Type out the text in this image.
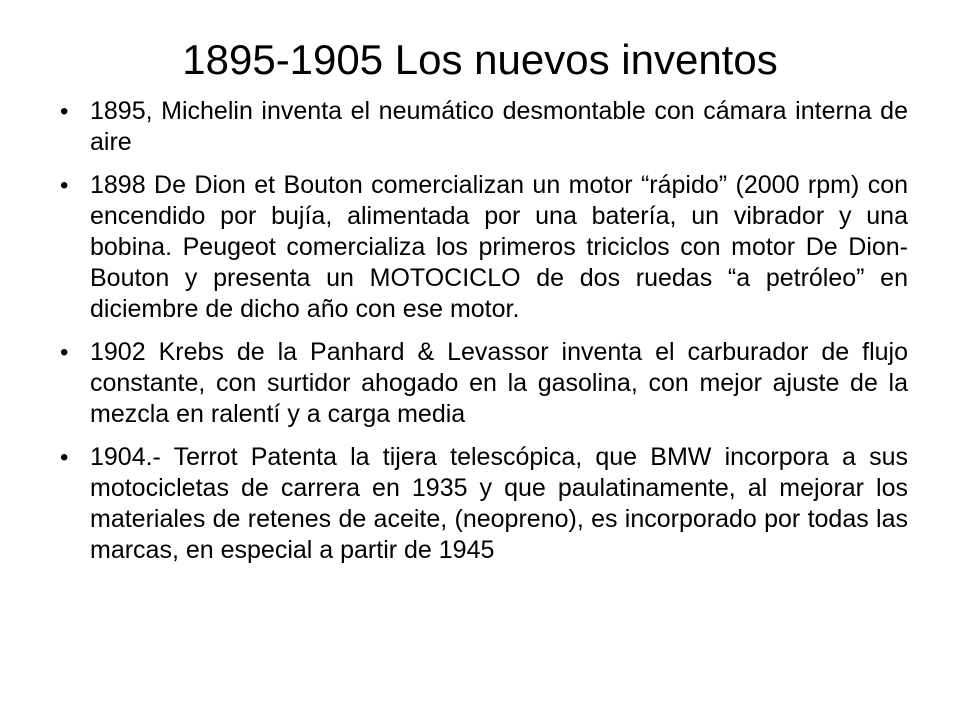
1895-1905 Los nuevos inventos
• 1895, Michelin inventa el neumático desmontable con cámara interna de aire
• 1898 De Dion et Bouton comercializan un motor “rápido” (2000 rpm) con encendido por bujía, alimentada por una batería, un vibrador y una bobina. Peugeot comercializa los primeros triciclos con motor De Dion-Bouton y presenta un MOTOCICLO de dos ruedas “a petróleo” en diciembre de dicho año con ese motor.
• 1902 Krebs de la Panhard & Levassor inventa el carburador de flujo constante, con surtidor ahogado en la gasolina, con mejor ajuste de la mezcla en ralentí y a carga media
• 1904.- Terrot Patenta la tijera telescópica, que BMW incorpora a sus motocicletas de carrera en 1935 y que paulatinamente, al mejorar los materiales de retenes de aceite, (neopreno), es incorporado por todas las marcas, en especial a partir de 1945
